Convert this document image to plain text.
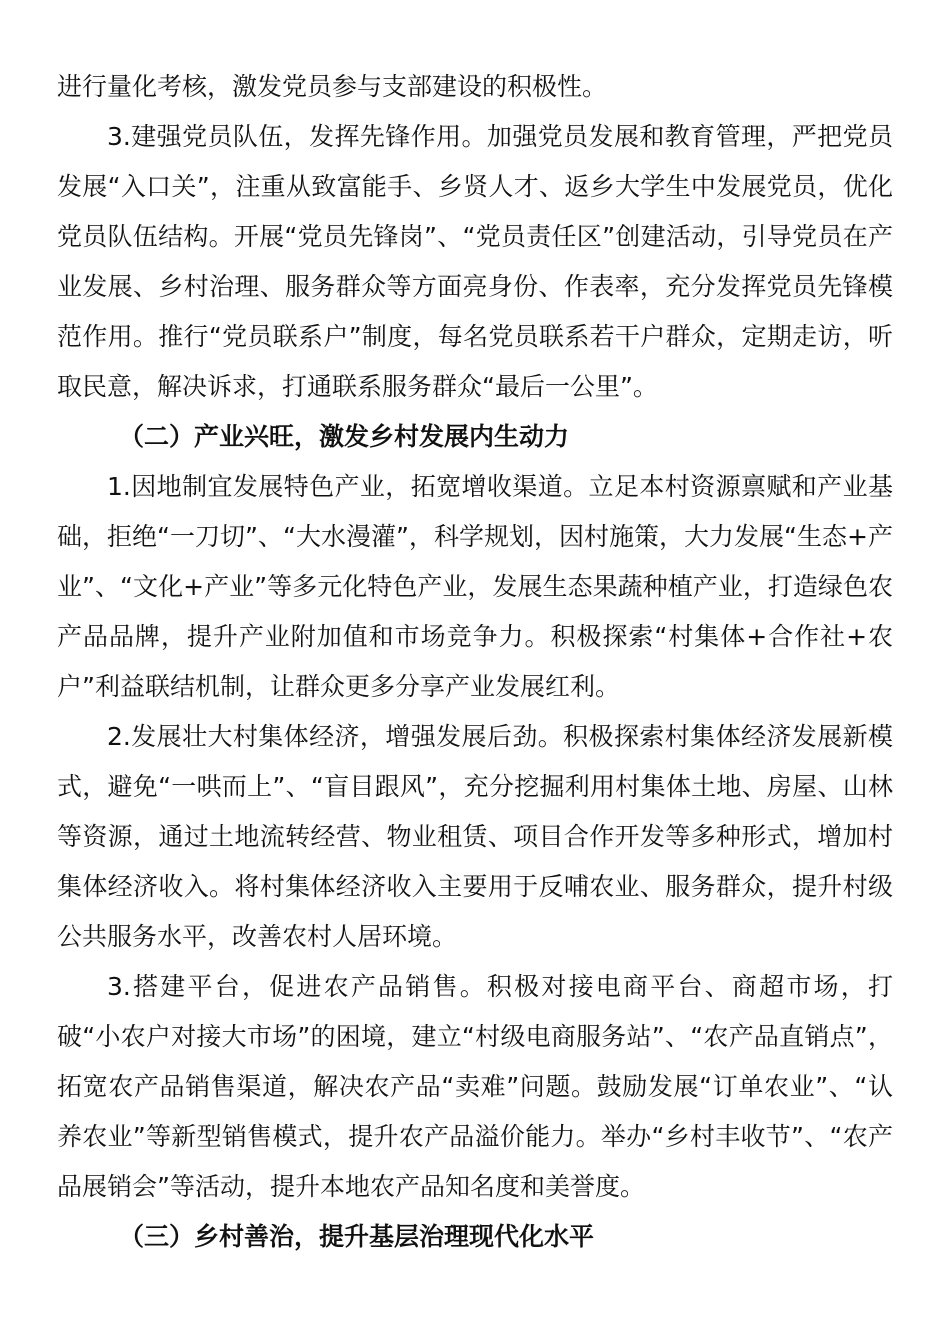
进行量化考核，激发党员参与支部建设的积极性。

3.建强党员队伍，发挥先锋作用。加强党员发展和教育管理，严把党员发展“入口关”，注重从致富能手、乡贤人才、返乡大学生中发展党员，优化党员队伍结构。开展“党员先锋岗”、“党员责任区”创建活动，引导党员在产业发展、乡村治理、服务群众等方面亮身份、作表率，充分发挥党员先锋模范作用。推行“党员联系户”制度，每名党员联系若干户群众，定期走访，听取民意，解决诉求，打通联系服务群众“最后一公里”。

（二）产业兴旺，激发乡村发展内生动力

1.因地制宜发展特色产业，拓宽增收渠道。立足本村资源禀赋和产业基础，拒绝“一刀切”、“大水漫灌”，科学规划，因村施策，大力发展“生态+产业”、“文化+产业”等多元化特色产业，发展生态果蔬种植产业，打造绿色农产品品牌，提升产业附加值和市场竞争力。积极探索“村集体+合作社+农户”利益联结机制，让群众更多分享产业发展红利。

2.发展壮大村集体经济，增强发展后劲。积极探索村集体经济发展新模式，避免“一哄而上”、“盲目跟风”，充分挖掘利用村集体土地、房屋、山林等资源，通过土地流转经营、物业租赁、项目合作开发等多种形式，增加村集体经济收入。将村集体经济收入主要用于反哺农业、服务群众，提升村级公共服务水平，改善农村人居环境。

3.搭建平台，促进农产品销售。积极对接电商平台、商超市场，打破“小农户对接大市场”的困境，建立“村级电商服务站”、“农产品直销点”，拓宽农产品销售渠道，解决农产品“卖难”问题。鼓励发展“订单农业”、“认养农业”等新型销售模式，提升农产品溢价能力。举办“乡村丰收节”、“农产品展销会”等活动，提升本地农产品知名度和美誉度。

（三）乡村善治，提升基层治理现代化水平
